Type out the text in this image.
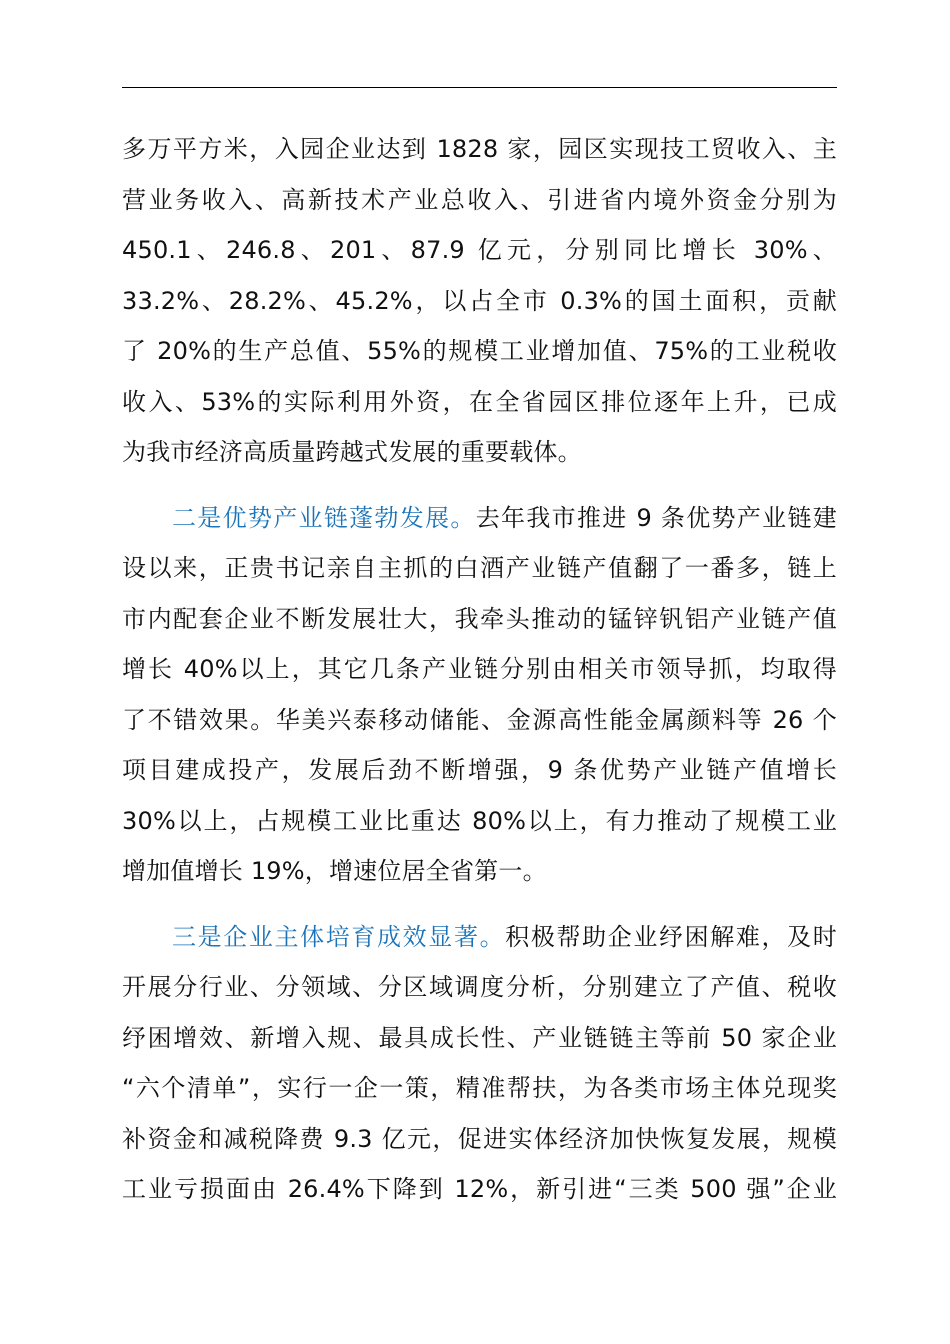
多万平方米，入园企业达到 1828 家，园区实现技工贸收入、主
营业务收入、高新技术产业总收入、引进省内境外资金分别为
450.1、246.8、201、87.9 亿元，分别同比增长 30%、
33.2%、28.2%、45.2%，以占全市 0.3%的国土面积，贡献
了 20%的生产总值、55%的规模工业增加值、75%的工业税收
收入、53%的实际利用外资，在全省园区排位逐年上升，已成
为我市经济高质量跨越式发展的重要载体。
二是优势产业链蓬勃发展。去年我市推进 9 条优势产业链建
设以来，正贵书记亲自主抓的白酒产业链产值翻了一番多，链上
市内配套企业不断发展壮大，我牵头推动的锰锌钒铝产业链产值
增长 40%以上，其它几条产业链分别由相关市领导抓，均取得
了不错效果。华美兴泰移动储能、金源高性能金属颜料等 26 个
项目建成投产，发展后劲不断增强，9 条优势产业链产值增长
30%以上，占规模工业比重达 80%以上，有力推动了规模工业
增加值增长 19%，增速位居全省第一。
三是企业主体培育成效显著。积极帮助企业纾困解难，及时
开展分行业、分领域、分区域调度分析，分别建立了产值、税收
纾困增效、新增入规、最具成长性、产业链链主等前 50 家企业
“六个清单”，实行一企一策，精准帮扶，为各类市场主体兑现奖
补资金和减税降费 9.3 亿元，促进实体经济加快恢复发展，规模
工业亏损面由 26.4%下降到 12%，新引进“三类 500 强”企业
